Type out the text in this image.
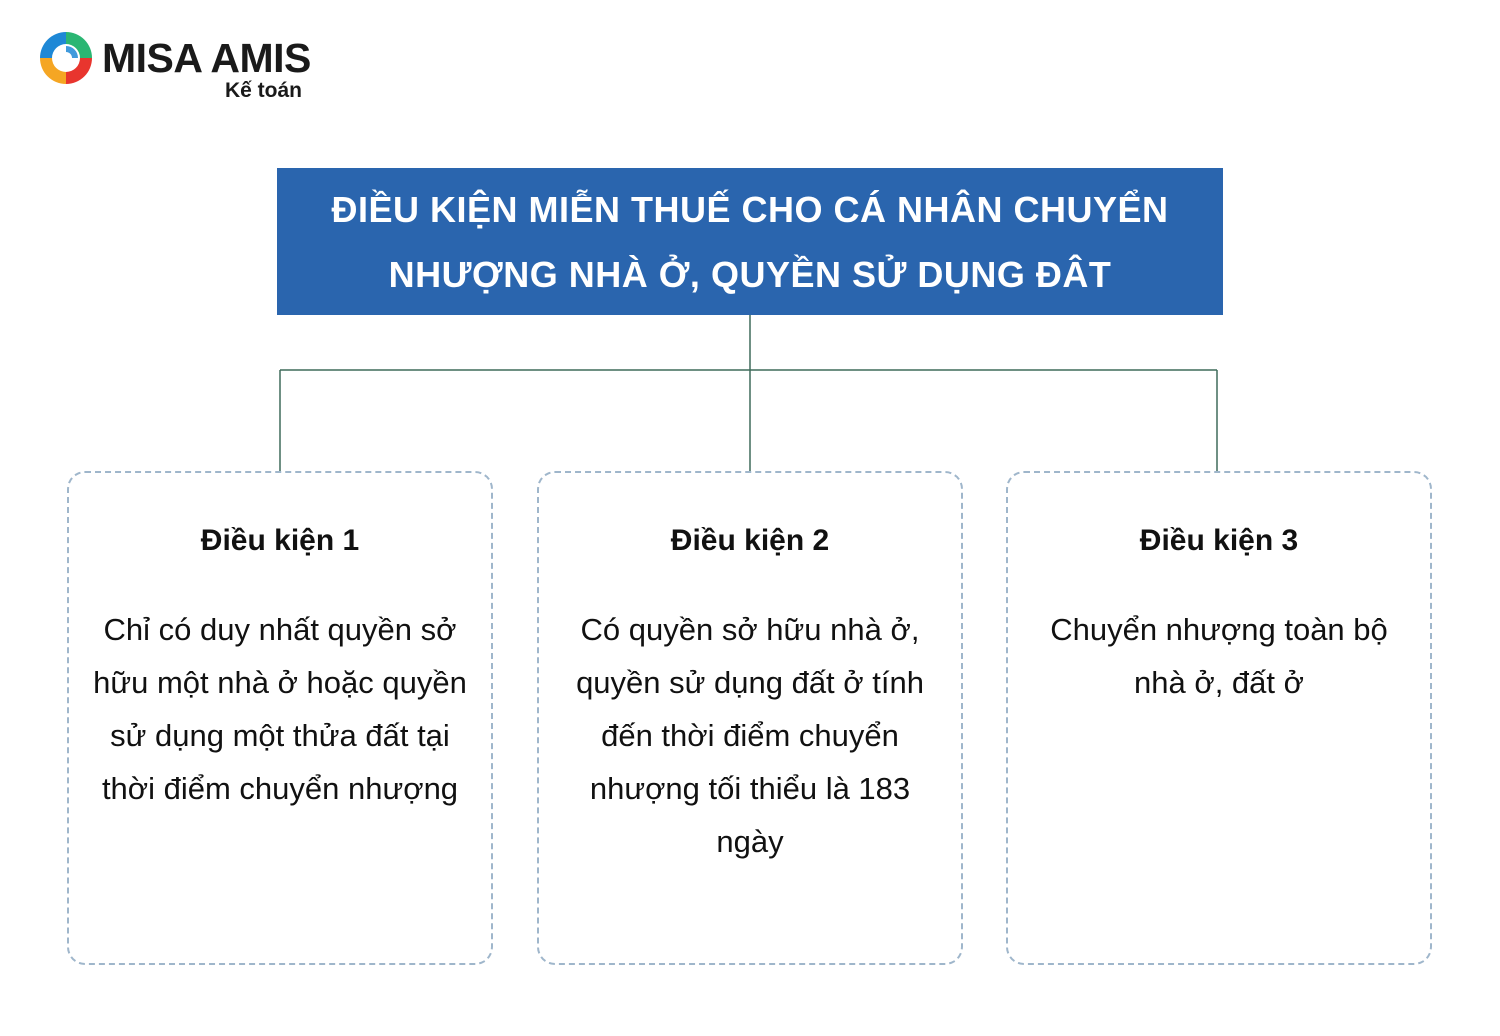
MISA AMIS
Kế toán
ĐIỀU KIỆN MIỄN THUẾ CHO CÁ NHÂN CHUYỂN
NHƯỢNG NHÀ Ở, QUYỀN SỬ DỤNG ĐÂT
Điều kiện 1
Chỉ có duy nhất quyền sở hữu một nhà ở hoặc quyền sử dụng một thửa đất tại thời điểm chuyển nhượng
Điều kiện 2
Có quyền sở hữu nhà ở, quyền sử dụng đất ở tính đến thời điểm chuyển nhượng tối thiểu là 183 ngày
Điều kiện 3
Chuyển nhượng toàn bộ nhà ở, đất ở
